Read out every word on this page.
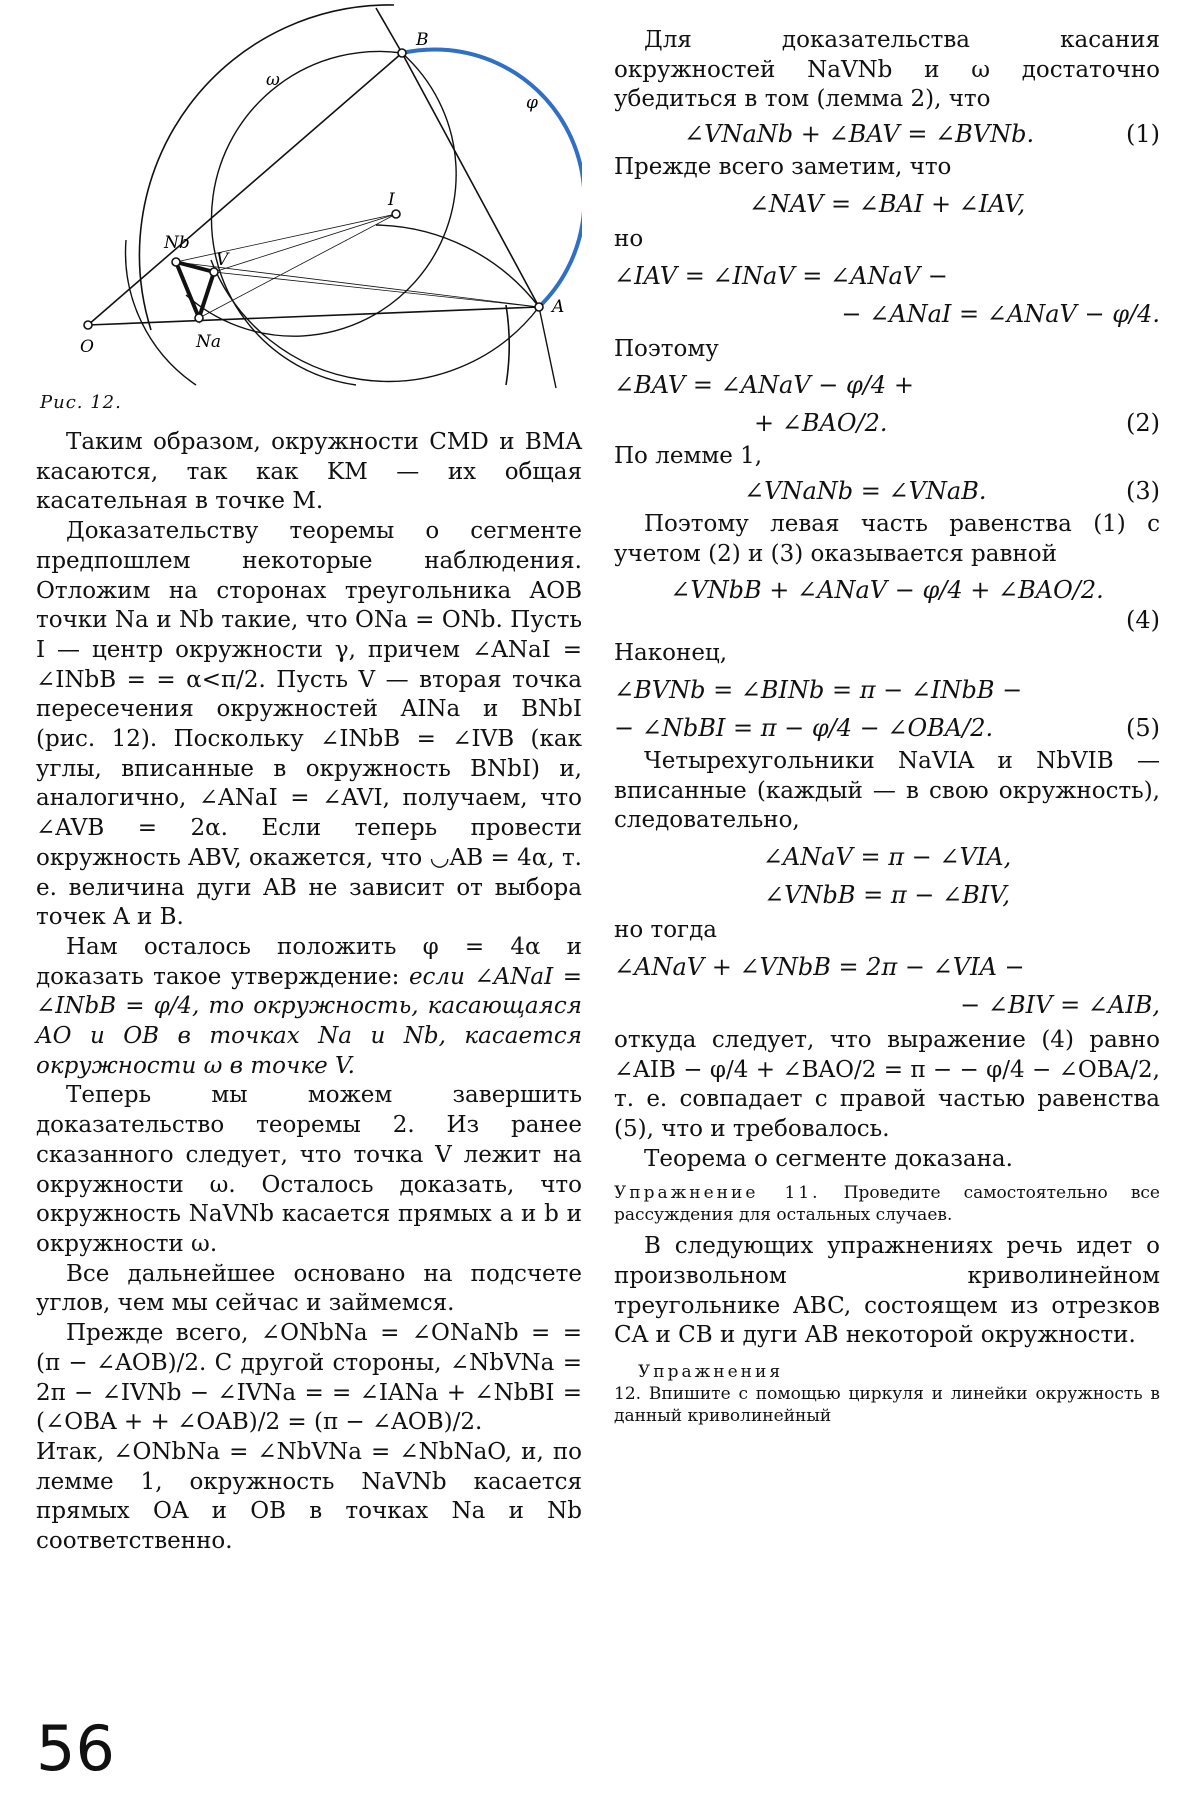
B
ω
φ
I
Nb
V
A
O	Na
Рис. 12.

Таким образом, окружности CMD и BMA касаются, так как KM — их общая касательная в точке M.

Доказательству теоремы о сегменте предпошлем некоторые наблюдения. Отложим на сторонах треугольника AOB точки Na и Nb такие, что ONa = ONb. Пусть I — центр окружности γ, причем ∠ANaI = ∠INbB = = α<π/2. Пусть V — вторая точка пересечения окружностей AINa и BNbI (рис. 12). Поскольку ∠INbB = ∠IVB (как углы, вписанные в окружность BNbI) и, аналогично, ∠ANaI = ∠AVI, получаем, что ∠AVB = 2α. Если теперь провести окружность ABV, окажется, что ◡AB = 4α, т. е. величина дуги AB не зависит от выбора точек A и B.

Нам осталось положить φ = 4α и доказать такое утверждение: если ∠ANaI = ∠INbB = φ/4, то окружность, касающаяся AO и OB в точках Na и Nb, касается окружности ω в точке V.

Теперь мы можем завершить доказательство теоремы 2. Из ранее сказанного следует, что точка V лежит на окружности ω. Осталось доказать, что окружность NaVNb касается прямых a и b и окружности ω.

Все дальнейшее основано на подсчете углов, чем мы сейчас и займемся.

Прежде всего, ∠ONbNa = ∠ONaNb = = (π − ∠AOB)/2. С другой стороны, ∠NbVNa = 2π − ∠IVNb − ∠IVNa = = ∠IANa + ∠NbBI = (∠OBA + + ∠OAB)/2 = (π − ∠AOB)/2.

Итак, ∠ONbNa = ∠NbVNa = ∠NbNaO, и, по лемме 1, окружность NaVNb касается прямых OA и OB в точках Na и Nb соответственно.

Для доказательства касания окружностей NaVNb и ω достаточно убедиться в том (лемма 2), что

∠VNaNb + ∠BAV = ∠BVNb.	(1)

Прежде всего заметим, что

∠NAV = ∠BAI + ∠IAV,

но

∠IAV = ∠INaV = ∠ANaV −
− ∠ANaI = ∠ANaV − φ/4.

Поэтому

∠BAV = ∠ANaV − φ/4 +
+ ∠BAO/2.	(2)

По лемме 1,

∠VNaNb = ∠VNaB.	(3)

Поэтому левая часть равенства (1) с учетом (2) и (3) оказывается равной

∠VNbB + ∠ANaV − φ/4 + ∠BAO/2.
(4)

Наконец,

∠BVNb = ∠BINb = π − ∠INbB −
− ∠NbBI = π − φ/4 − ∠OBA/2.	(5)

Четырехугольники NaVIA и NbVIB — вписанные (каждый — в свою окружность), следовательно,

∠ANaV = π − ∠VIA,
∠VNbB = π − ∠BIV,

но тогда

∠ANaV + ∠VNbB = 2π − ∠VIA −
− ∠BIV = ∠AIB,

откуда следует, что выражение (4) равно ∠AIB − φ/4 + ∠BAO/2 = π − − φ/4 − ∠OBA/2, т. е. совпадает с правой частью равенства (5), что и требовалось.

Теорема о сегменте доказана.

Упражнение 11. Проведите самостоятельно все рассуждения для остальных случаев.

В следующих упражнениях речь идет о произвольном криволинейном треугольнике ABC, состоящем из отрезков CA и CB и дуги AB некоторой окружности.

Упражнения

12. Впишите с помощью циркуля и линейки окружность в данный криволинейный

56
